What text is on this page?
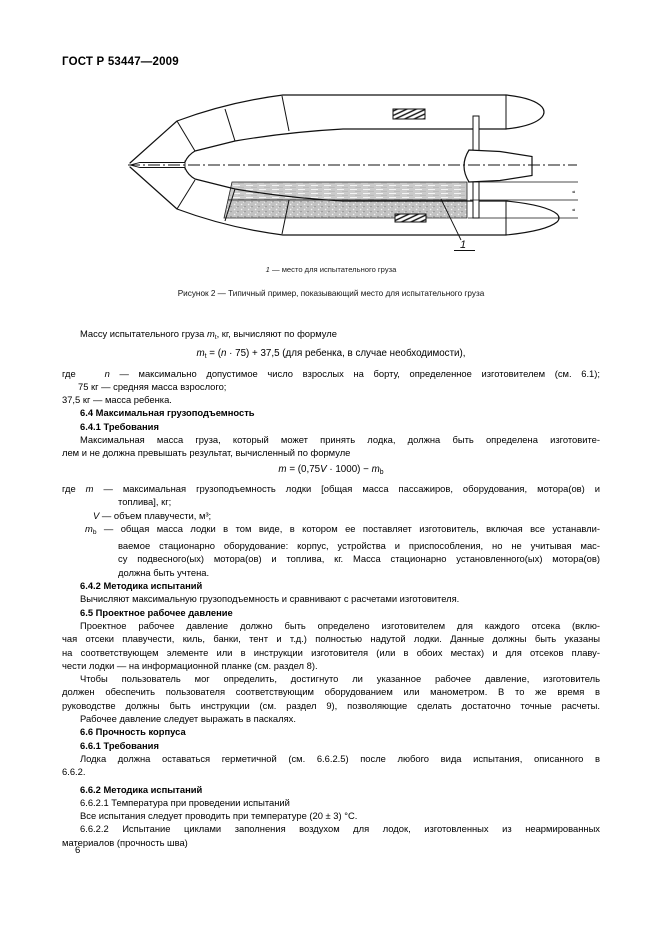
ГОСТ Р 53447—2009
в
в
1
1 — место для испытательного груза
Рисунок 2 — Типичный пример, показывающий место для испытательного груза
Массу испытательного груза $m_t$, кг, вычисляют по формуле
$m_t = (n \cdot 75) + 37,5$ (для ребенка, в случае необходимости),
где   n — максимально допустимое число взрослых на борту, определенное изготовителем (см. 6.1);
75 кг — средняя масса взрослого;
37,5 кг — масса ребенка.
6.4 Максимальная грузоподъемность
6.4.1 Требования
Максимальная масса груза, который может принять лодка, должна быть определена изготовите-
лем и не должна превышать результат, вычисленный по формуле
$m = (0,75V \cdot 1000) - m_b$
где m — максимальная грузоподъемность лодки [общая масса пассажиров, оборудования, мотора(ов) и
топлива], кг;
V — объем плавучести, м³;
$m_b$ — общая масса лодки в том виде, в котором ее поставляет изготовитель, включая все устанавли-
ваемое стационарно оборудование: корпус, устройства и приспособления, но не учитывая мас-
су подвесного(ых) мотора(ов) и топлива, кг. Масса стационарно установленного(ых) мотора(ов)
должна быть учтена.
6.4.2 Методика испытаний
Вычисляют максимальную грузоподъемность и сравнивают с расчетами изготовителя.
6.5 Проектное рабочее давление
Проектное рабочее давление должно быть определено изготовителем для каждого отсека (вклю-
чая отсеки плавучести, киль, банки, тент и т.д.) полностью надутой лодки. Данные должны быть указаны
на соответствующем элементе или в инструкции изготовителя (или в обоих местах) и для отсеков плаву-
чести лодки — на информационной планке (см. раздел 8).
Чтобы пользователь мог определить, достигнуто ли указанное рабочее давление, изготовитель
должен обеспечить пользователя соответствующим оборудованием или манометром. В то же время в
руководстве должны быть инструкции (см. раздел 9), позволяющие сделать достаточно точные расчеты.
Рабочее давление следует выражать в паскалях.
6.6 Прочность корпуса
6.6.1 Требования
Лодка должна оставаться герметичной (см. 6.6.2.5) после любого вида испытания, описанного в
6.6.2.
6.6.2 Методика испытаний
6.6.2.1 Температура при проведении испытаний
Все испытания следует проводить при температуре (20 ± 3) °С.
6.6.2.2 Испытание циклами заполнения воздухом для лодок, изготовленных из неармированных
материалов (прочность шва)
6
